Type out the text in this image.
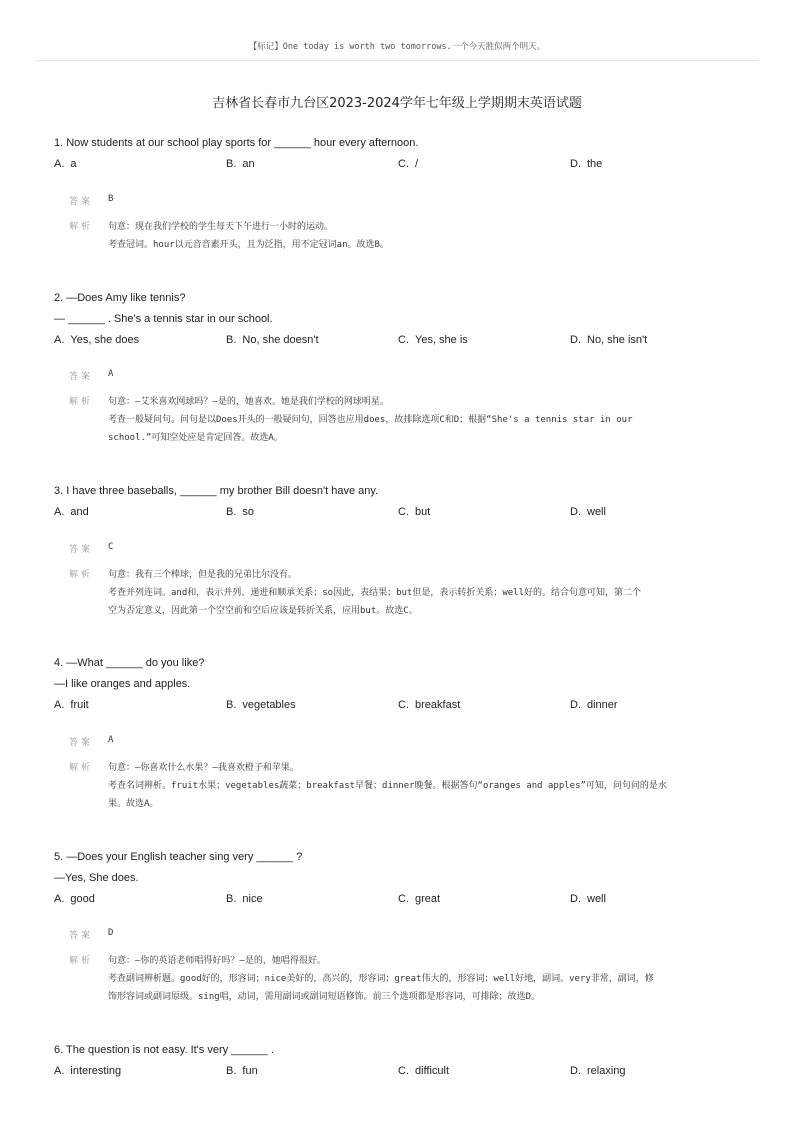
【标记】One today is worth two tomorrows.一个今天胜似两个明天。
吉林省长春市九台区2023-2024学年七年级上学期期末英语试题
1. Now students at our school play sports for ______ hour every afternoon.
A. a	B. an	C. /	D. the
答案 B
解析 句意：现在我们学校的学生每天下午进行一小时的运动。
考查冠词。hour以元音音素开头，且为泛指，用不定冠词an。故选B。
2. —Does Amy like tennis?
— ______ . She's a tennis star in our school.
A. Yes, she does	B. No, she doesn't	C. Yes, she is	D. No, she isn't
答案 A
解析 句意：—艾米喜欢网球吗？—是的，她喜欢。她是我们学校的网球明星。
考查一般疑问句。问句是以Does开头的一般疑问句，回答也应用does，故排除选项C和D；根据“She's a tennis star in our
school.”可知空处应是肯定回答。故选A。
3. I have three baseballs, ______ my brother Bill doesn't have any.
A. and	B. so	C. but	D. well
答案 C
解析 句意：我有三个棒球，但是我的兄弟比尔没有。
考查并列连词。and和，表示并列、递进和顺承关系；so因此，表结果；but但是，表示转折关系；well好的。结合句意可知，第二个
空为否定意义，因此第一个空空前和空后应该是转折关系，应用but。故选C。
4. —What ______ do you like?
—I like oranges and apples.
A. fruit	B. vegetables	C. breakfast	D. dinner
答案 A
解析 句意：—你喜欢什么水果？—我喜欢橙子和苹果。
考查名词辨析。fruit水果；vegetables蔬菜；breakfast早餐；dinner晚餐。根据答句“oranges and apples”可知，问句问的是水
果。故选A。
5. —Does your English teacher sing very ______ ?
—Yes, She does.
A. good	B. nice	C. great	D. well
答案 D
解析 句意：—你的英语老师唱得好吗？—是的，她唱得很好。
考查副词辨析题。good好的，形容词；nice美好的，高兴的，形容词；great伟大的，形容词；well好地，副词。very非常，副词，修
饰形容词或副词原级。sing唱，动词，需用副词或副词短语修饰。前三个选项都是形容词，可排除；故选D。
6. The question is not easy. It's very ______ .
A. interesting	B. fun	C. difficult	D. relaxing
